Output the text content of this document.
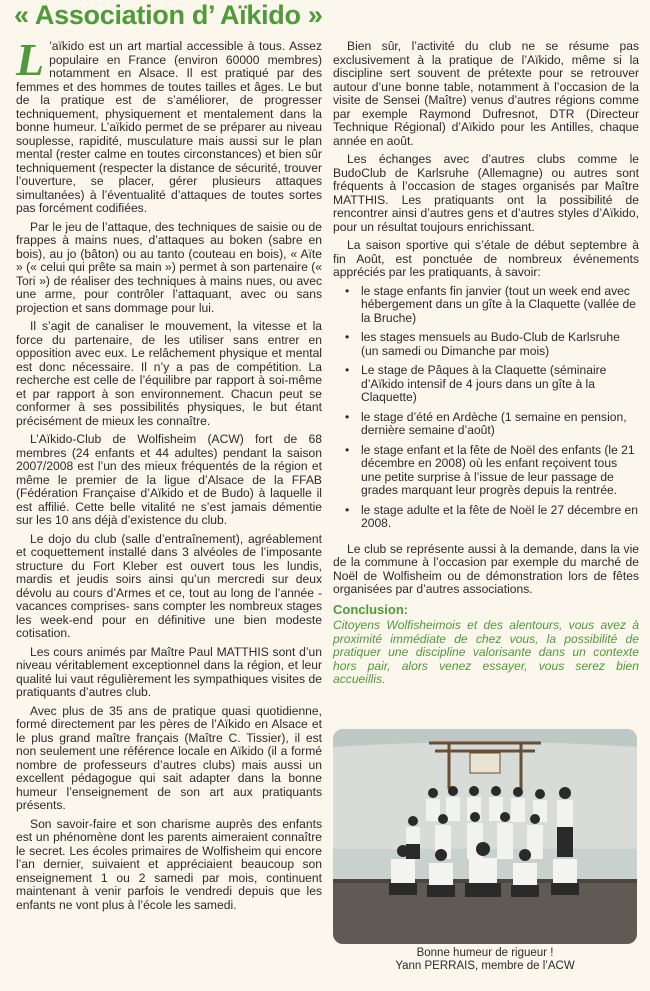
« Association d’ Aïkido »

L ’aïkido est un art martial accessible à tous. Assez populaire en France (environ 60000 membres) notamment en Alsace. Il est pratiqué par des femmes et des hommes de toutes tailles et âges. Le but de la pratique est de s’améliorer, de progresser techniquement, physiquement et mentalement dans la bonne humeur. L’aïkido permet de se préparer au niveau souplesse, rapidité, musculature mais aussi sur le plan mental (rester calme en toutes circonstances) et bien sûr techniquement (respecter la distance de sécurité, trouver l’ouverture, se placer, gérer plusieurs attaques simultanées) à l’éventualité d’attaques de toutes sortes pas forcément codifiées.

Par le jeu de l’attaque, des techniques de saisie ou de frappes à mains nues, d’attaques au boken (sabre en bois), au jo (bâton) ou au tanto (couteau en bois), « Aïte » (« celui qui prête sa main ») permet à son partenaire (« Tori ») de réaliser des techniques à mains nues, ou avec une arme, pour contrôler l’attaquant, avec ou sans projection et sans dommage pour lui.

Il s’agit de canaliser le mouvement, la vitesse et la force du partenaire, de les utiliser sans entrer en opposition avec eux. Le relâchement physique et mental est donc nécessaire. Il n’y a pas de compétition. La recherche est celle de l’équilibre par rapport à soi-même et par rapport à son environnement. Chacun peut se conformer à ses possibilités physiques, le but étant précisément de mieux les connaître.

L’Aïkido-Club de Wolfisheim (ACW) fort de 68 membres (24 enfants et 44 adultes) pendant la saison 2007/2008 est l’un des mieux fréquentés de la région et même le premier de la ligue d’Alsace de la FFAB (Fédération Française d’Aïkido et de Budo) à laquelle il est affilié. Cette belle vitalité ne s’est jamais démentie sur les 10 ans déjà d’existence du club.

Le dojo du club (salle d’entraînement), agréablement et coquettement installé dans 3 alvéoles de l’imposante structure du Fort Kleber est ouvert tous les lundis, mardis et jeudis soirs ainsi qu’un mercredi sur deux dévolu au cours d’Armes et ce, tout au long de l’année -vacances comprises- sans compter les nombreux stages les week-end pour en définitive une bien modeste cotisation.

Les cours animés par Maître Paul MATTHIS sont d’un niveau véritablement exceptionnel dans la région, et leur qualité lui vaut régulièrement les sympathiques visites de pratiquants d’autres club.

Avec plus de 35 ans de pratique quasi quotidienne, formé directement par les pères de l’Aïkido en Alsace et le plus grand maître français (Maître C. Tissier), il est non seulement une référence locale en Aïkido (il a formé nombre de professeurs d’autres clubs) mais aussi un excellent pédagogue qui sait adapter dans la bonne humeur l’enseignement de son art aux pratiquants présents.

Son savoir-faire et son charisme auprès des enfants est un phénomène dont les parents aimeraient connaître le secret. Les écoles primaires de Wolfisheim qui encore l’an dernier, suivaient et appréciaient beaucoup son enseignement 1 ou 2 samedi par mois, continuent maintenant à venir parfois le vendredi depuis que les enfants ne vont plus à l’école les samedi.

Bien sûr, l’activité du club ne se résume pas exclusivement à la pratique de l’Aïkido, même si la discipline sert souvent de prétexte pour se retrouver autour d’une bonne table, notamment à l’occasion de la visite de Sensei (Maître) venus d’autres régions comme par exemple Raymond Dufresnot, DTR (Directeur Technique Régional) d’Aïkido pour les Antilles, chaque année en août.

Les échanges avec d’autres clubs comme le BudoClub de Karlsruhe (Allemagne) ou autres sont fréquents à l’occasion de stages organisés par Maître MATTHIS. Les pratiquants ont la possibilité de rencontrer ainsi d’autres gens et d’autres styles d’Aïkido, pour un résultat toujours enrichissant.

La saison sportive qui s’étale de début septembre à fin Août, est ponctuée de nombreux événements appréciés par les pratiquants, à savoir:

• le stage enfants fin janvier (tout un week end avec hébergement dans un gîte à la Claquette (vallée de la Bruche)
• les stages mensuels au Budo-Club de Karlsruhe (un samedi ou Dimanche par mois)
• Le stage de Pâques à la Claquette (séminaire d’Aïkido intensif de 4 jours dans un gîte à la Claquette)
• le stage d’été en Ardèche (1 semaine en pension, dernière semaine d’août)
• le stage enfant et la fête de Noël des enfants (le 21 décembre en 2008) où les enfant reçoivent tous une petite surprise à l’issue de leur passage de grades marquant leur progrès depuis la rentrée.
• le stage adulte et la fête de Noël le 27 décembre en 2008.

Le club se représente aussi à la demande, dans la vie de la commune à l’occasion par exemple du marché de Noël de Wolfisheim ou de démonstration lors de fêtes organisées par d’autres associations.

Conclusion:

Citoyens Wolfisheimois et des alentours, vous avez à proximité immédiate de chez vous, la possibilité de pratiquer une discipline valorisante dans un contexte hors pair, alors venez essayer, vous serez bien accueillis.

Bonne humeur de rigueur !
Yann PERRAIS, membre de l’ACW
